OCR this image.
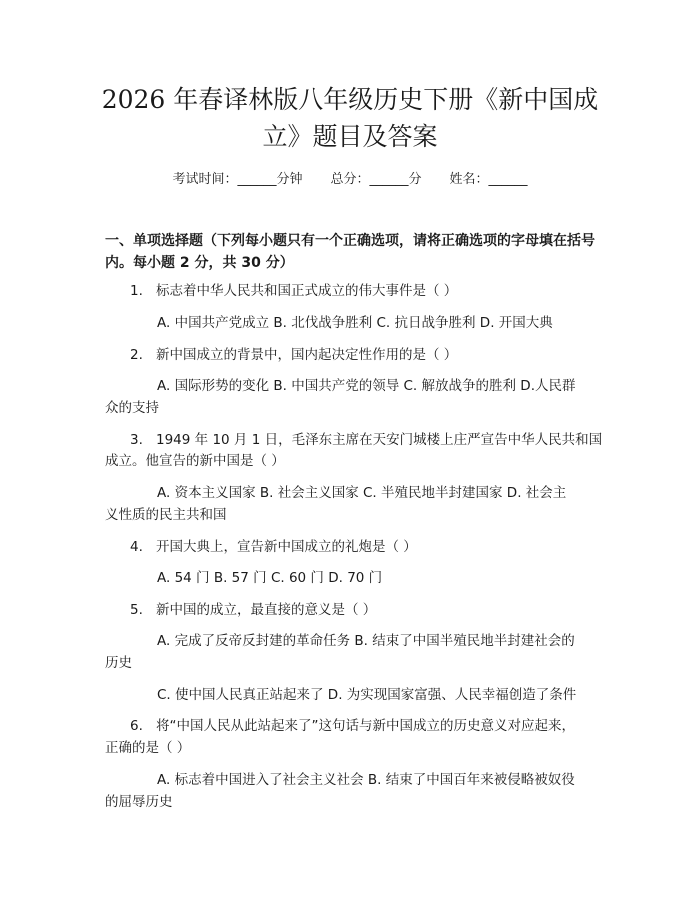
2026 年春译林版八年级历史下册《新中国成
立》题目及答案
考试时间：______分钟 总分：______分 姓名：______
一、单项选择题（下列每小题只有一个正确选项，请将正确选项的字母填在括号
内。每小题 2 分，共 30 分）
1. 标志着中华人民共和国正式成立的伟大事件是（ ）
A. 中国共产党成立 B. 北伐战争胜利 C. 抗日战争胜利 D. 开国大典
2. 新中国成立的背景中，国内起决定性作用的是（ ）
A. 国际形势的变化 B. 中国共产党的领导 C. 解放战争的胜利 D.人民群
众的支持
3. 1949 年 10 月 1 日，毛泽东主席在天安门城楼上庄严宣告中华人民共和国
成立。他宣告的新中国是（ ）
A. 资本主义国家 B. 社会主义国家 C. 半殖民地半封建国家 D. 社会主
义性质的民主共和国
4. 开国大典上，宣告新中国成立的礼炮是（ ）
A. 54 门 B. 57 门 C. 60 门 D. 70 门
5. 新中国的成立，最直接的意义是（ ）
A. 完成了反帝反封建的革命任务 B. 结束了中国半殖民地半封建社会的
历史
C. 使中国人民真正站起来了 D. 为实现国家富强、人民幸福创造了条件
6. 将“中国人民从此站起来了”这句话与新中国成立的历史意义对应起来，
正确的是（ ）
A. 标志着中国进入了社会主义社会 B. 结束了中国百年来被侵略被奴役
的屈辱历史
